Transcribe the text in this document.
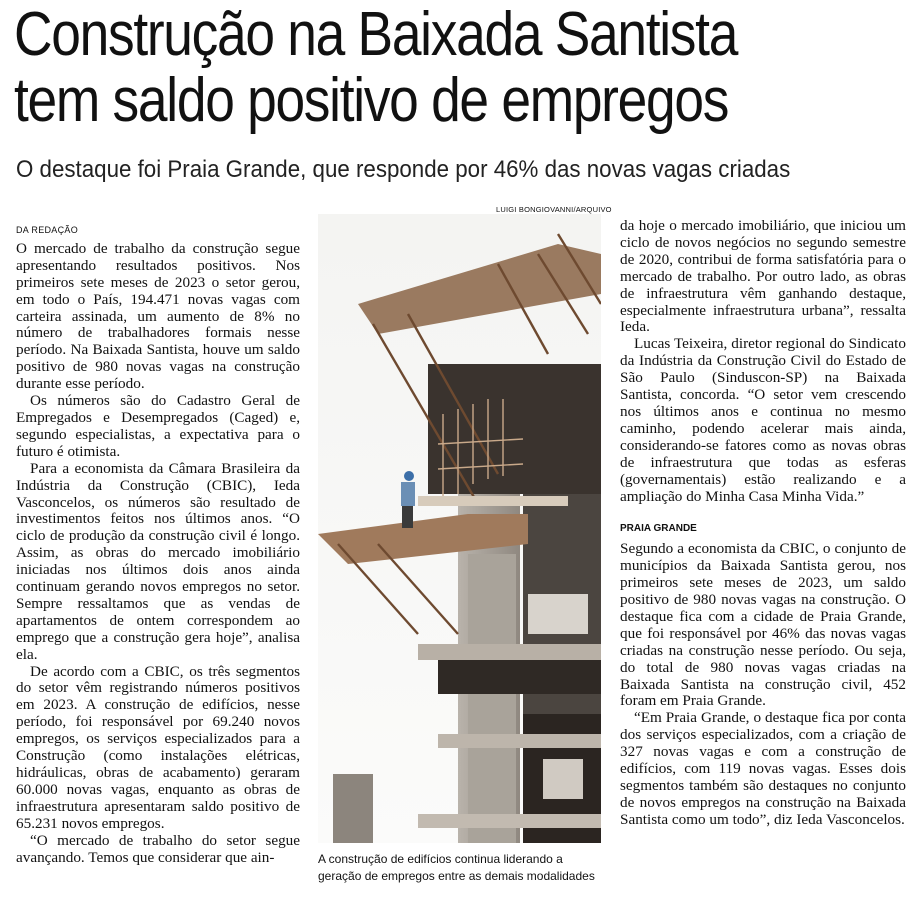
Construção na Baixada Santista
tem saldo positivo de empregos
O destaque foi Praia Grande, que responde por 46% das novas vagas criadas
DA REDAÇÃO

O mercado de trabalho da construção segue apresentando resultados positivos. Nos primeiros sete meses de 2023 o setor gerou, em todo o País, 194.471 novas vagas com carteira assinada, um aumento de 8% no número de trabalhadores formais nesse período. Na Baixada Santista, houve um saldo positivo de 980 novas vagas na construção durante esse período.

Os números são do Cadastro Geral de Empregados e Desempregados (Caged) e, segundo especialistas, a expectativa para o futuro é otimista.

Para a economista da Câmara Brasileira da Indústria da Construção (CBIC), Ieda Vasconcelos, os números são resultado de investimentos feitos nos últimos anos. “O ciclo de produção da construção civil é longo. Assim, as obras do mercado imobiliário iniciadas nos últimos dois anos ainda continuam gerando novos empregos no setor. Sempre ressaltamos que as vendas de apartamentos de ontem correspondem ao emprego que a construção gera hoje”, analisa ela.

De acordo com a CBIC, os três segmentos do setor vêm registrando números positivos em 2023. A construção de edifícios, nesse período, foi responsável por 69.240 novos empregos, os serviços especializados para a Construção (como instalações elétricas, hidráulicas, obras de acabamento) geraram 60.000 novas vagas, enquanto as obras de infraestrutura apresentaram saldo positivo de 65.231 novos empregos.

“O mercado de trabalho do setor segue avançando. Temos que considerar que ain-

LUIGI BONGIOVANNI/ARQUIVO
A construção de edifícios continua liderando a geração de empregos entre as demais modalidades

da hoje o mercado imobiliário, que iniciou um ciclo de novos negócios no segundo semestre de 2020, contribui de forma satisfatória para o mercado de trabalho. Por outro lado, as obras de infraestrutura vêm ganhando destaque, especialmente infraestrutura urbana”, ressalta Ieda.

Lucas Teixeira, diretor regional do Sindicato da Indústria da Construção Civil do Estado de São Paulo (Sinduscon-SP) na Baixada Santista, concorda. “O setor vem crescendo nos últimos anos e continua no mesmo caminho, podendo acelerar mais ainda, considerando-se fatores como as novas obras de infraestrutura que todas as esferas (governamentais) estão realizando e a ampliação do Minha Casa Minha Vida.”

PRAIA GRANDE

Segundo a economista da CBIC, o conjunto de municípios da Baixada Santista gerou, nos primeiros sete meses de 2023, um saldo positivo de 980 novas vagas na construção. O destaque fica com a cidade de Praia Grande, que foi responsável por 46% das novas vagas criadas na construção nesse período. Ou seja, do total de 980 novas vagas criadas na Baixada Santista na construção civil, 452 foram em Praia Grande.

“Em Praia Grande, o destaque fica por conta dos serviços especializados, com a criação de 327 novas vagas e com a construção de edifícios, com 119 novas vagas. Esses dois segmentos também são destaques no conjunto de novos empregos na construção na Baixada Santista como um todo”, diz Ieda Vasconcelos.
